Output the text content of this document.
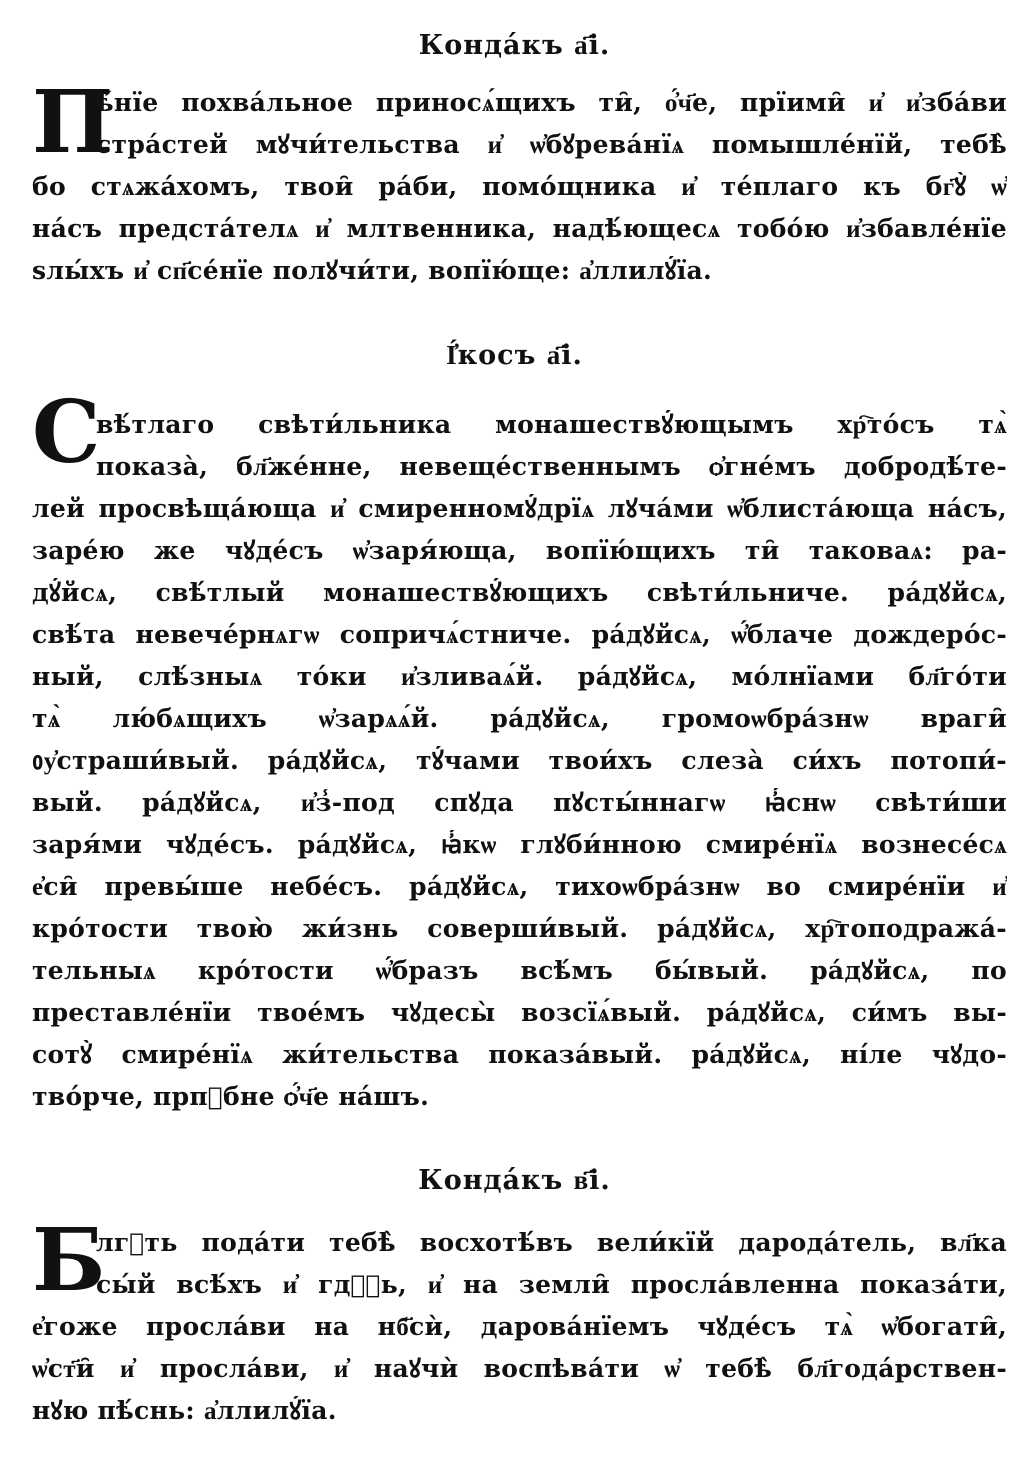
Конда́къ а҃і.
П
ѣ́нїе похва́льное приносѧ́щихъ ти̑, о҆́ч҃е, прїими̑ и҆ и҆зба́ви
стра́стей мꙋчи́тельства и҆ ѡ҆бꙋрева́нїѧ помышле́нїй, тебѣ̀
бо стѧжа́хомъ, твои̑ ра́би, помо́щника и҆ те́плаго къ бг҃ꙋ̀ ѡ҆
на́съ предста́телѧ и҆ млтвенника, надѣ́ющесѧ тобо́ю и҆збавле́нїе
ѕлы́хъ и҆ сп҃се́нїе полꙋчи́ти, вопїю́ще: а҆ллилꙋ́їа.
І҆́косъ а҃і.
С
вѣ́тлаго свѣти́льника монашествꙋ́ющымъ хр҇то́съ тѧ̀
показа̀, бл҃же́нне, невеще́ственнымъ ѻ҆гне́мъ добродѣ́те-
лей просвѣща́юща и҆ смиренномꙋ́дрїѧ лꙋча́ми ѡ҆блиста́юща на́съ,
заре́ю же чꙋде́съ ѡ҆заря́юща, вопїю́щихъ ти̑ таковаѧ: ра-
дꙋ́йсѧ, свѣ́тлый монашествꙋ́ющихъ свѣти́льниче. ра́дꙋйсѧ,
свѣ́та невече́рнѧгѡ сопричѧ́стниче. ра́дꙋйсѧ, ѡ҆́блаче дождеро́с-
ный, слѣ́зныѧ то́ки и҆зливаѧ́й. ра́дꙋйсѧ, мо́лнїами бл҃го́ти
тѧ̀ лю́бѧщихъ ѡ҆зарѧѧ́й. ра́дꙋйсѧ, громоѡбра́знѡ враги̑
ᲂу҆страши́вый. ра́дꙋйсѧ, тꙋ́чами твои́хъ слеза̀ си́хъ потопи́-
вый. ра́дꙋйсѧ, и҆з̾-под спꙋда пꙋсты́ннагѡ ꙗ҆́снѡ свѣти́ши
заря́ми чꙋде́съ. ра́дꙋйсѧ, ꙗ҆́кѡ глꙋби́нною смире́нїѧ вознесе́сѧ
е҆си̑ превы́ше небе́съ. ра́дꙋйсѧ, тихоѡбра́знѡ во смире́нїи и҆
кро́тости твою̀ жи́знь соверши́вый. ра́дꙋйсѧ, хр҇топодража́-
тельныѧ кро́тости ѡ҆́бразъ всѣ́мъ бы́вый. ра́дꙋйсѧ, по
преставле́нїи твое́мъ чꙋдесы̀ возсїѧ́вый. ра́дꙋйсѧ, си́мъ вы-
сотꙋ̀ смире́нїѧ жи́тельства показа́вый. ра́дꙋйсѧ, ні́ле чꙋдо-
тво́рче, прпⷣбне ѻ҆́ч҃е на́шъ.
Конда́къ в҃і.
Б
лгⷣть пода́ти тебѣ̀ восхотѣ́въ вели́кїй дарода́тель, вл҃ка
сы́й всѣ́хъ и҆ гдⷭ҇ь, и҆ на земли̑ просла́вленна показа́ти,
е҆гоже просла́ви на нб҃сѝ, дарова́нїемъ чꙋде́съ тѧ̀ ѡ҆богати̑,
ѡ҆ст҃и̑ и҆ просла́ви, и҆ наꙋчѝ воспѣва́ти ѡ҆ тебѣ̀ бл҃года́рствен-
нꙋю пѣ́снь: а҆ллилꙋ́їа.
